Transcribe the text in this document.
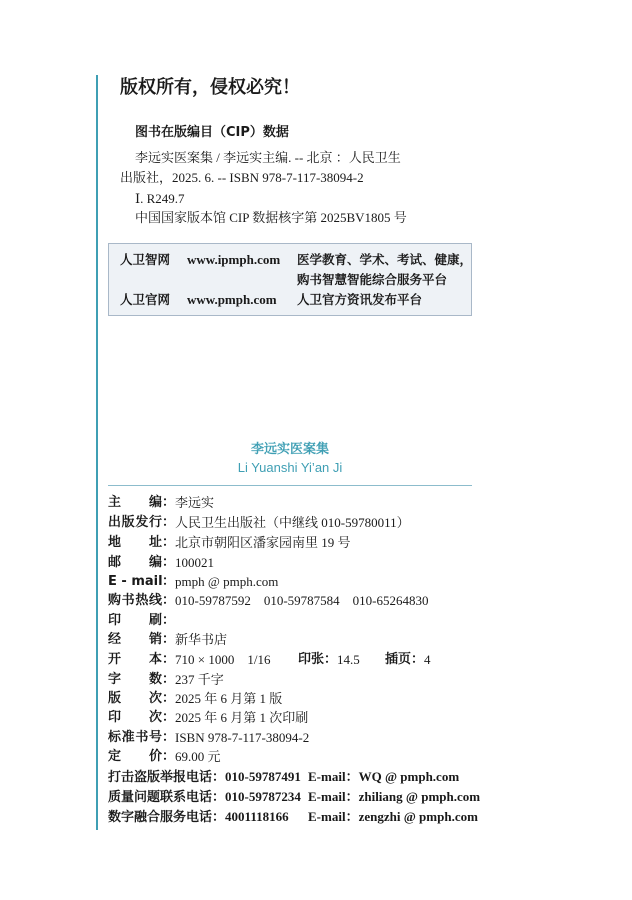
版权所有，侵权必究！
图书在版编目（CIP）数据
李远实医案集 / 李远实主编. -- 北京 ：人民卫生
出版社，2025. 6. -- ISBN 978-7-117-38094-2
Ⅰ. R249.7
中国国家版本馆 CIP 数据核字第 2025BV1805 号
人卫智网 www.ipmph.com 医学教育、学术、考试、健康，
购书智慧智能综合服务平台
人卫官网 www.pmph.com 人卫官方资讯发布平台
李远实医案集
Li Yuanshi Yi’an Ji
主　　编：李远实
出版发行：人民卫生出版社（中继线 010-59780011）
地　　址：北京市朝阳区潘家园南里 19 号
邮　　编：100021
E - mail：pmph @ pmph.com
购书热线：010-59787592　010-59787584　010-65264830
印　　刷：
经　　销：新华书店
开　　本：710 × 1000　1/16 印张：14.5 插页：4
字　　数：237 千字
版　　次：2025 年 6 月第 1 版
印　　次：2025 年 6 月第 1 次印刷
标准书号：ISBN 978-7-117-38094-2
定　　价：69.00 元
打击盗版举报电话：010-59787491 E-mail：WQ @ pmph.com
质量问题联系电话：010-59787234 E-mail：zhiliang @ pmph.com
数字融合服务电话：4001118166 E-mail：zengzhi @ pmph.com
